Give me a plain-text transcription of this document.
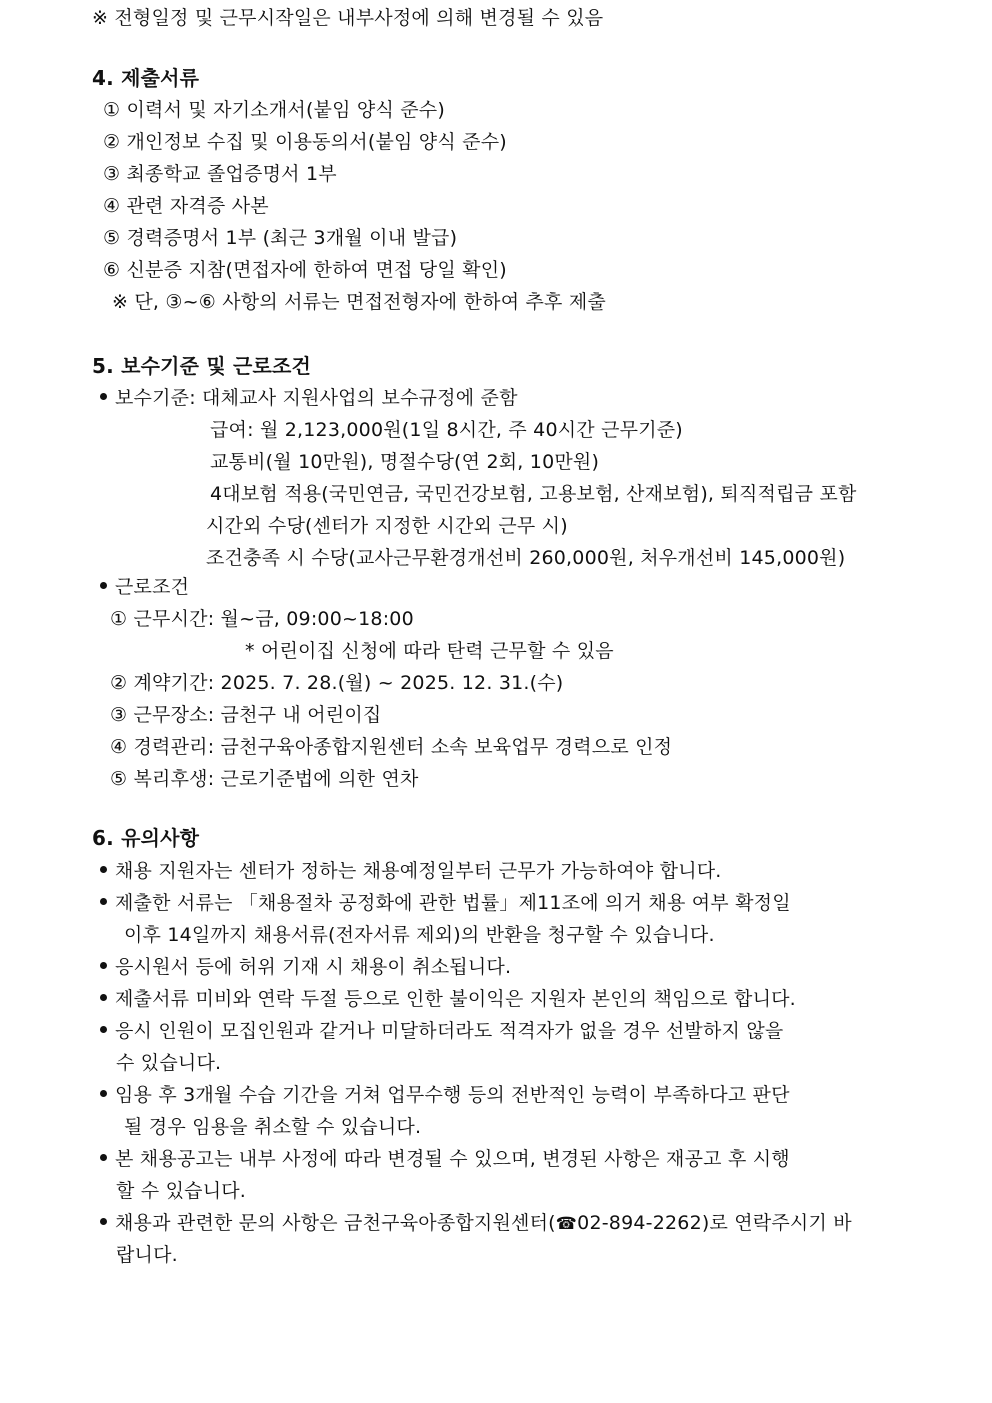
※ 전형일정 및 근무시작일은 내부사정에 의해 변경될 수 있음
4. 제출서류
① 이력서 및 자기소개서(붙임 양식 준수)
② 개인정보 수집 및 이용동의서(붙임 양식 준수)
③ 최종학교 졸업증명서 1부
④ 관련 자격증 사본
⑤ 경력증명서 1부 (최근 3개월 이내 발급)
⑥ 신분증 지참(면접자에 한하여 면접 당일 확인)
※ 단, ③~⑥ 사항의 서류는 면접전형자에 한하여 추후 제출
5. 보수기준 및 근로조건
보수기준: 대체교사 지원사업의 보수규정에 준함
급여: 월 2,123,000원(1일 8시간, 주 40시간 근무기준)
교통비(월 10만원), 명절수당(연 2회, 10만원)
4대보험 적용(국민연금, 국민건강보험, 고용보험, 산재보험), 퇴직적립금 포함
시간외 수당(센터가 지정한 시간외 근무 시)
조건충족 시 수당(교사근무환경개선비 260,000원, 처우개선비 145,000원)
근로조건
① 근무시간: 월~금, 09:00~18:00
* 어린이집 신청에 따라 탄력 근무할 수 있음
② 계약기간: 2025. 7. 28.(월) ~ 2025. 12. 31.(수)
③ 근무장소: 금천구 내 어린이집
④ 경력관리: 금천구육아종합지원센터 소속 보육업무 경력으로 인정
⑤ 복리후생: 근로기준법에 의한 연차
6. 유의사항
채용 지원자는 센터가 정하는 채용예정일부터 근무가 가능하여야 합니다.
제출한 서류는 「채용절차 공정화에 관한 법률」제11조에 의거 채용 여부 확정일
이후 14일까지 채용서류(전자서류 제외)의 반환을 청구할 수 있습니다.
응시원서 등에 허위 기재 시 채용이 취소됩니다.
제출서류 미비와 연락 두절 등으로 인한 불이익은 지원자 본인의 책임으로 합니다.
응시 인원이 모집인원과 같거나 미달하더라도 적격자가 없을 경우 선발하지 않을
수 있습니다.
임용 후 3개월 수습 기간을 거쳐 업무수행 등의 전반적인 능력이 부족하다고 판단
될 경우 임용을 취소할 수 있습니다.
본 채용공고는 내부 사정에 따라 변경될 수 있으며, 변경된 사항은 재공고 후 시행
할 수 있습니다.
채용과 관련한 문의 사항은 금천구육아종합지원센터(☎02-894-2262)로 연락주시기 바
랍니다.
